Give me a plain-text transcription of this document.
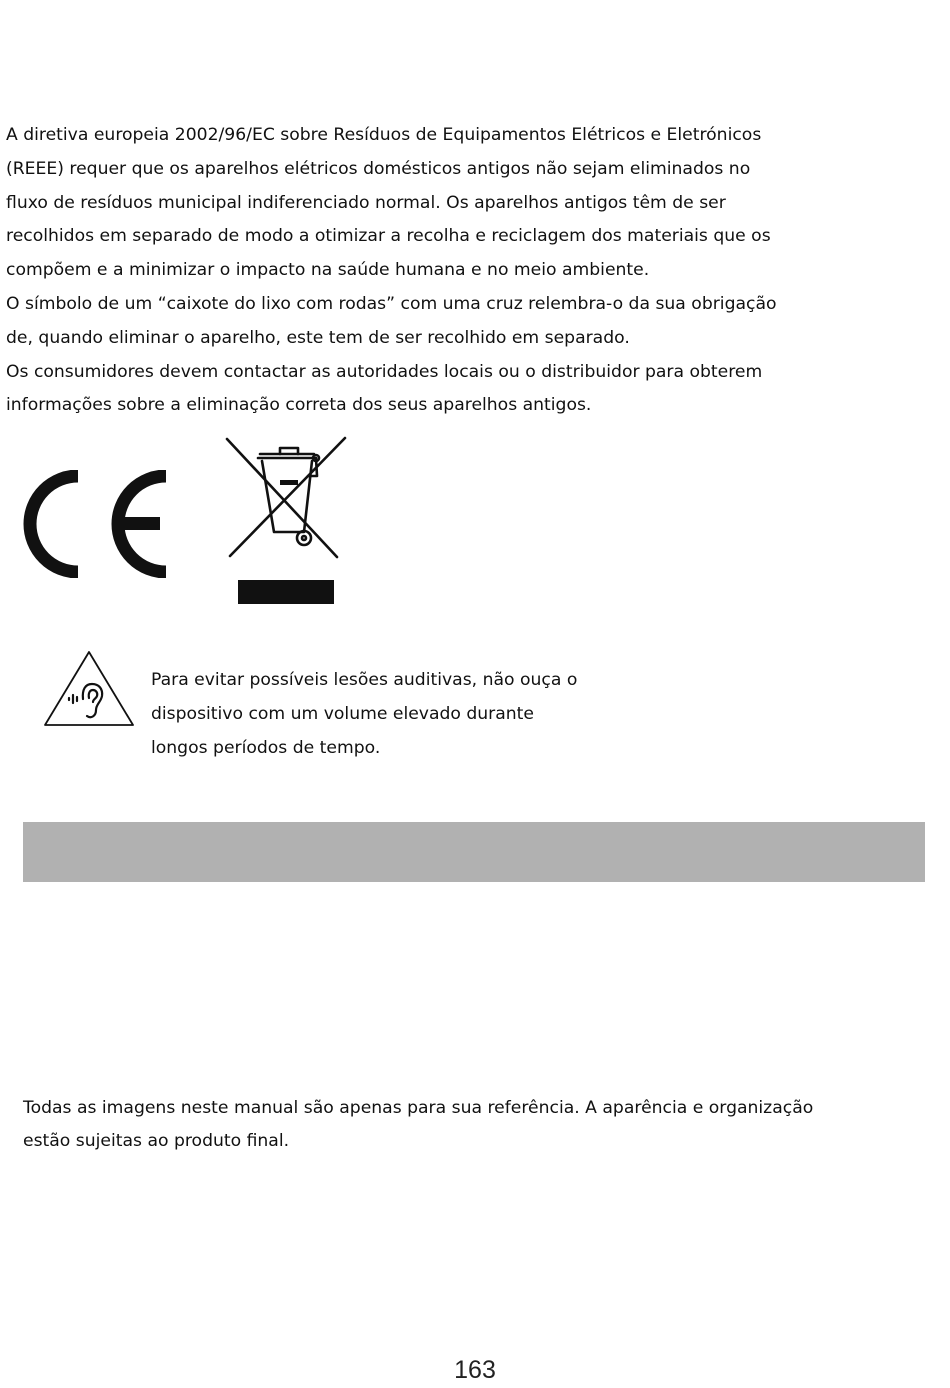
A diretiva europeia 2002/96/EC sobre Resíduos de Equipamentos Elétricos e Eletrónicos

(REEE) requer que os aparelhos elétricos domésticos antigos não sejam eliminados no

fluxo de resíduos municipal indiferenciado normal. Os aparelhos antigos têm de ser

recolhidos em separado de modo a otimizar a recolha e reciclagem dos materiais que os

compõem e a minimizar o impacto na saúde humana e no meio ambiente.

O símbolo de um “caixote do lixo com rodas” com uma cruz relembra-o da sua obrigação

de, quando eliminar o aparelho, este tem de ser recolhido em separado.

Os consumidores devem contactar as autoridades locais ou o distribuidor para obterem

informações sobre a eliminação correta dos seus aparelhos antigos.

Para evitar possíveis lesões auditivas, não ouça o
dispositivo com um volume elevado durante
longos períodos de tempo.
Todas as imagens neste manual são apenas para sua referência. A aparência e organização
estão sujeitas ao produto final.
163
